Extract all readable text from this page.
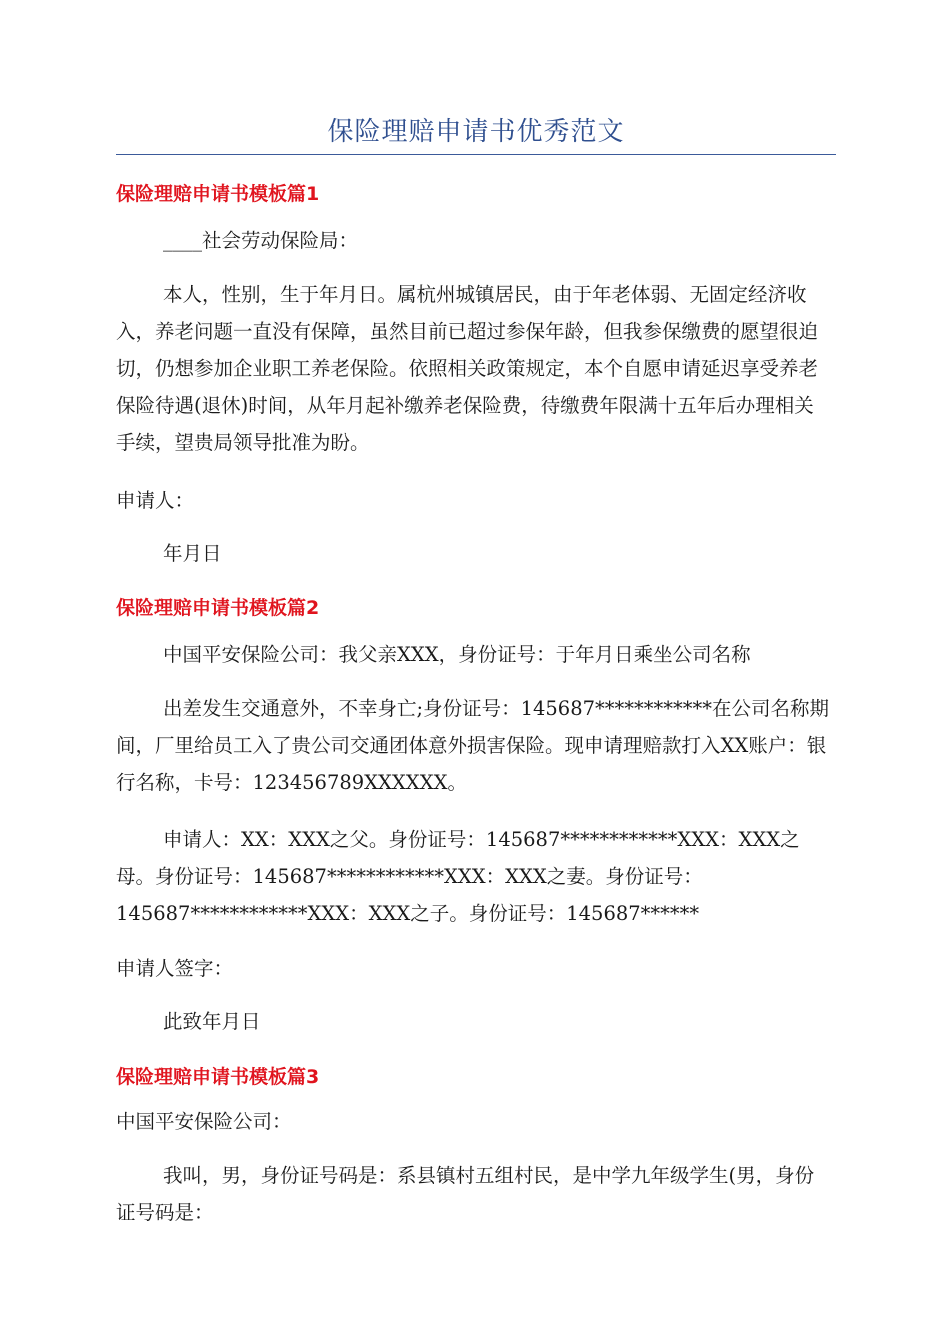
保险理赔申请书优秀范文
保险理赔申请书模板篇1
____社会劳动保险局：

本人，性别，生于年月日。属杭州城镇居民，由于年老体弱、无固定经济收入，养老问题一直没有保障，虽然目前已超过参保年龄，但我参保缴费的愿望很迫切，仍想参加企业职工养老保险。依照相关政策规定，本个自愿申请延迟享受养老保险待遇(退休)时间，从年月起补缴养老保险费，待缴费年限满十五年后办理相关手续，望贵局领导批准为盼。

申请人：
年月日
保险理赔申请书模板篇2
中国平安保险公司：我父亲XXX，身份证号：于年月日乘坐公司名称

出差发生交通意外，不幸身亡;身份证号：145687************在公司名称期间，厂里给员工入了贵公司交通团体意外损害保险。现申请理赔款打入XX账户：银行名称，卡号：123456789XXXXXX。

申请人：XX：XXX之父。身份证号：145687************XXX：XXX之母。身份证号：145687************XXX：XXX之妻。身份证号：145687************XXX：XXX之子。身份证号：145687******

申请人签字：
此致年月日
保险理赔申请书模板篇3
中国平安保险公司：

我叫，男，身份证号码是：系县镇村五组村民，是中学九年级学生(男，身份证号码是：
